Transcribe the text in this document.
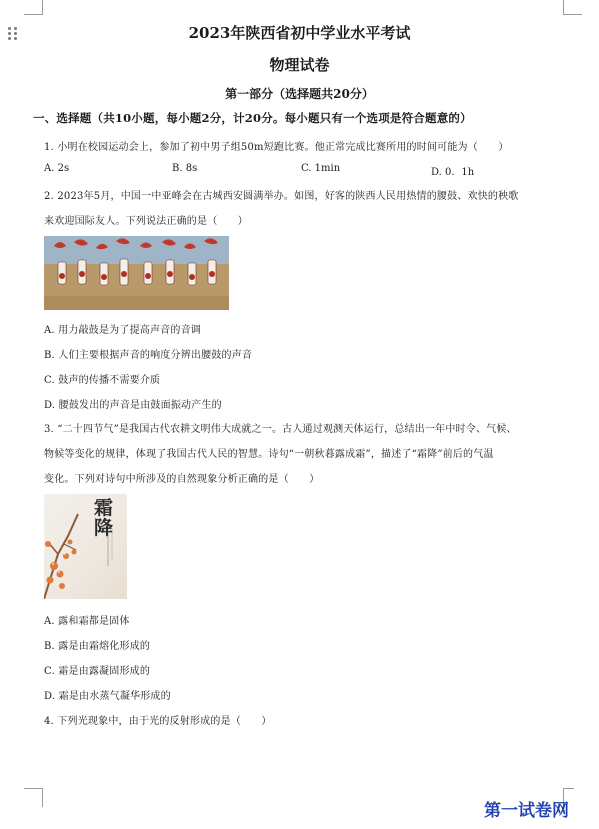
2023年陕西省初中学业水平考试
物理试卷
第一部分（选择题共20分）
一、选择题（共10小题，每小题2分，计20分。每小题只有一个选项是符合题意的）
1. 小明在校园运动会上，参加了初中男子组50m短跑比赛。他正常完成比赛所用的时间可能为（　　）
A. 2s	B. 8s	C. 1min	D. 0．1h
2. 2023年5月，中国一中亚峰会在古城西安圆满举办。如图，好客的陕西人民用热情的腰鼓、欢快的秧歌
来欢迎国际友人。下列说法正确的是（　　）
A. 用力敲鼓是为了提高声音的音调
B. 人们主要根据声音的响度分辨出腰鼓的声音
C. 鼓声的传播不需要介质
D. 腰鼓发出的声音是由鼓面振动产生的
3. “二十四节气”是我国古代农耕文明伟大成就之一。古人通过观测天体运行，总结出一年中时令、气候、
物候等变化的规律，体现了我国古代人民的智慧。诗句“一朝秋暮露成霜”，描述了“霜降”前后的气温
变化。下列对诗句中所涉及的自然现象分析正确的是（　　）
霜降
A. 露和霜都是固体
B. 露是由霜熔化形成的
C. 霜是由露凝固形成的
D. 霜是由水蒸气凝华形成的
4. 下列光现象中，由于光的反射形成的是（　　）
第一试卷网
